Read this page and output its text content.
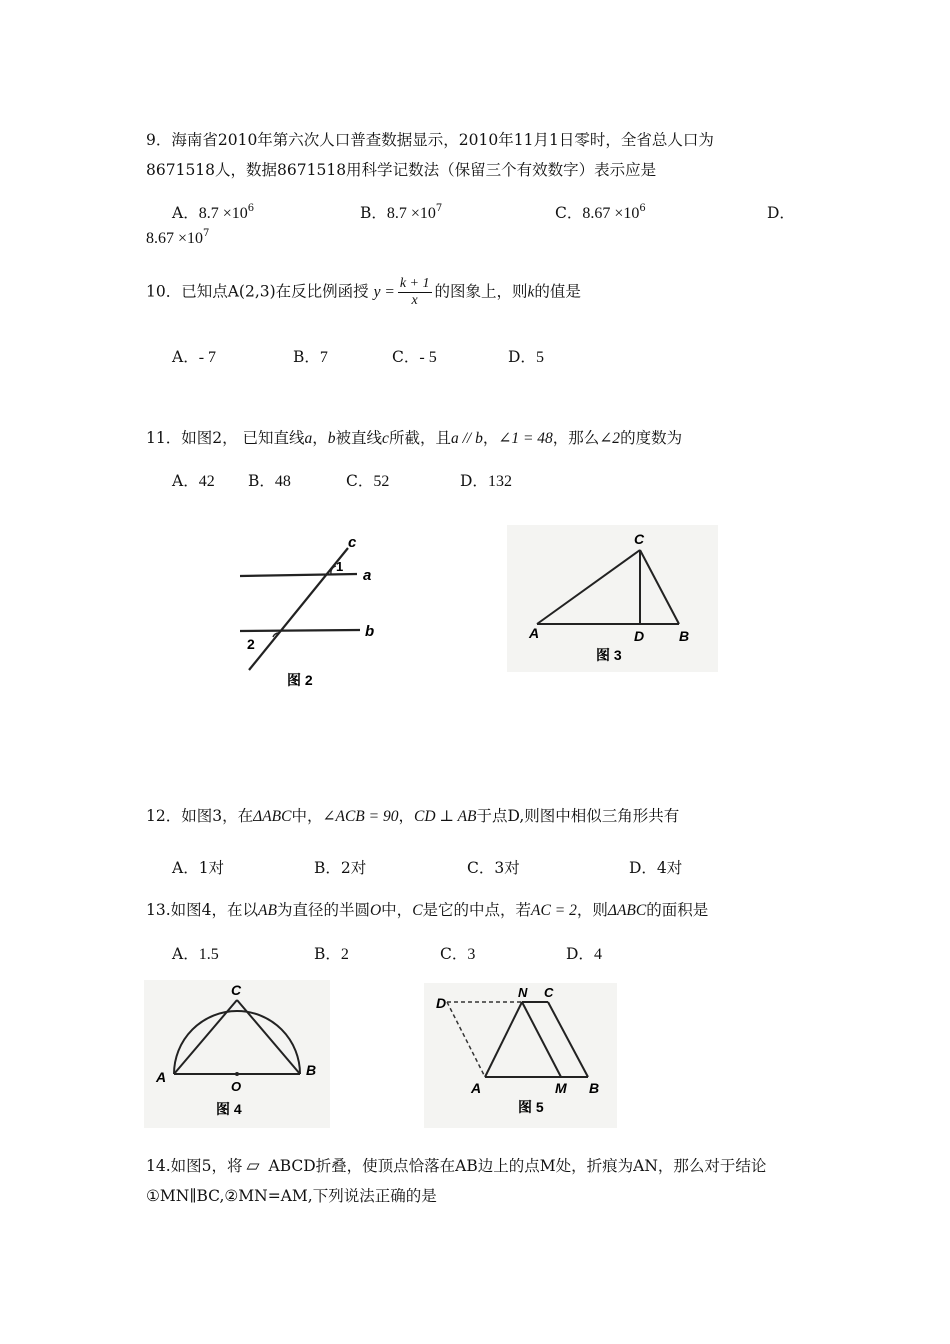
9．海南省2010年第六次人口普查数据显示，2010年11月1日零时，全省总人口为
8671518人，数据8671518用科学记数法（保留三个有效数字）表示应是
A．$8.7 \times 10^6$	B．$8.7 \times 10^7$	C．$8.67 \times 10^6$	D．
$8.67 \times 10^7$
10．已知点A(2,3)在反比例函授 $y = \frac{k + 1}{x}$ 的图象上，则k的值是
A．- 7	B．7	C．- 5	D．5
11．如图2， 已知直线a，b被直线c所截，且a // b，∠1 = 48，那么∠2的度数为
A．42 B．48	C．52	D．132
c
1
a
b
2
图 2
C
A	D B
图 3
12．如图3，在ΔABC中，∠ACB = 90，CD ⊥ AB于点D,则图中相似三角形共有
A．1对	B．2对	C．3对	D．4对
13.如图4，在以AB为直径的半圆O中，C是它的中点，若AC = 2，则ΔABC的面积是
A．1.5	B．2	C．3	D．4
C
A
O
B
图 4
D
N C
A	M B
图 5
14.如图5，将 ▱ ABCD折叠，使顶点恰落在AB边上的点M处，折痕为AN，那么对于结论
①MN∥BC,②MN=AM,下列说法正确的是
